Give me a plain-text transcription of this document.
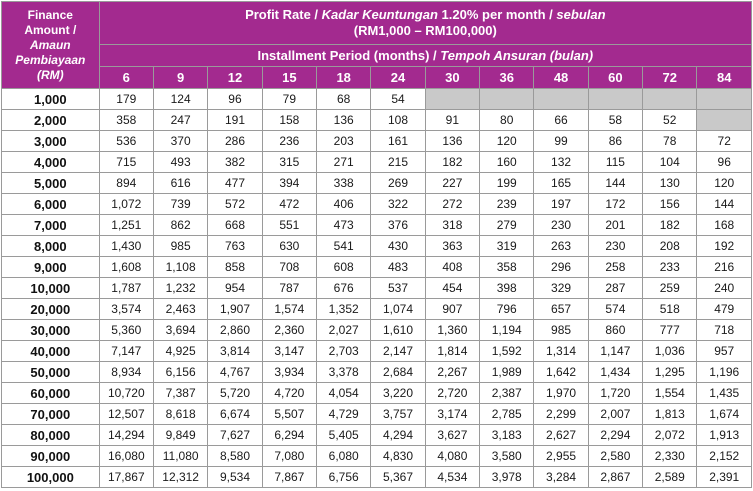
Finance
Amount /
Amaun
Pembiayaan
(RM)	Profit Rate / Kadar Keuntungan 1.20% per month / sebulan
(RM1,000 – RM100,000)											
	Installment Period (months) / Tempoh Ansuran (bulan)											
	6	9	12	15	18	24	30	36	48	60	72	84
1,000	179	124	96	79	68	54						
2,000	358	247	191	158	136	108	91	80	66	58	52	
3,000	536	370	286	236	203	161	136	120	99	86	78	72
4,000	715	493	382	315	271	215	182	160	132	115	104	96
5,000	894	616	477	394	338	269	227	199	165	144	130	120
6,000	1,072	739	572	472	406	322	272	239	197	172	156	144
7,000	1,251	862	668	551	473	376	318	279	230	201	182	168
8,000	1,430	985	763	630	541	430	363	319	263	230	208	192
9,000	1,608	1,108	858	708	608	483	408	358	296	258	233	216
10,000	1,787	1,232	954	787	676	537	454	398	329	287	259	240
20,000	3,574	2,463	1,907	1,574	1,352	1,074	907	796	657	574	518	479
30,000	5,360	3,694	2,860	2,360	2,027	1,610	1,360	1,194	985	860	777	718
40,000	7,147	4,925	3,814	3,147	2,703	2,147	1,814	1,592	1,314	1,147	1,036	957
50,000	8,934	6,156	4,767	3,934	3,378	2,684	2,267	1,989	1,642	1,434	1,295	1,196
60,000	10,720	7,387	5,720	4,720	4,054	3,220	2,720	2,387	1,970	1,720	1,554	1,435
70,000	12,507	8,618	6,674	5,507	4,729	3,757	3,174	2,785	2,299	2,007	1,813	1,674
80,000	14,294	9,849	7,627	6,294	5,405	4,294	3,627	3,183	2,627	2,294	2,072	1,913
90,000	16,080	11,080	8,580	7,080	6,080	4,830	4,080	3,580	2,955	2,580	2,330	2,152
100,000	17,867	12,312	9,534	7,867	6,756	5,367	4,534	3,978	3,284	2,867	2,589	2,391
